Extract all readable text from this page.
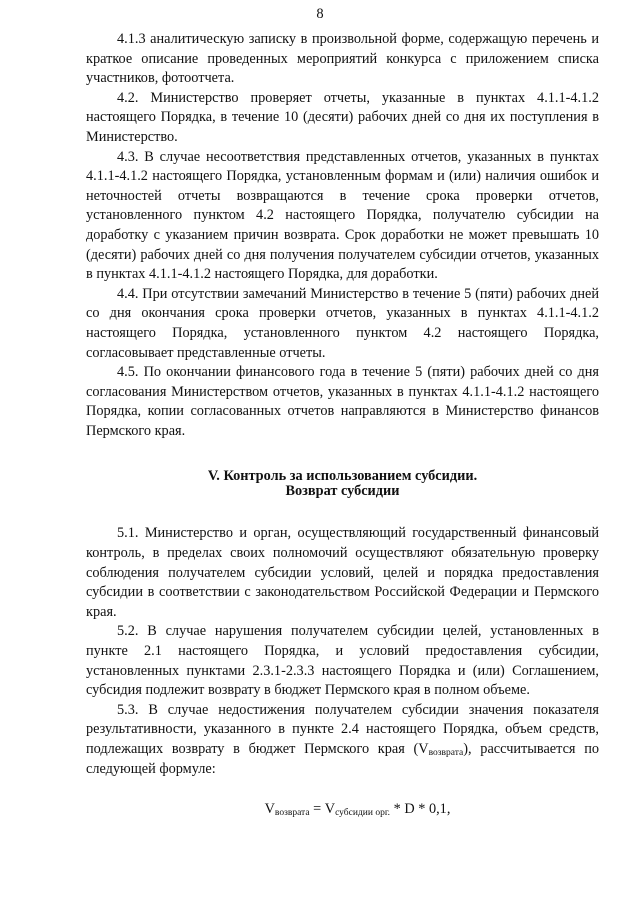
8

4.1.3 аналитическую записку в произвольной форме, содержащую перечень и краткое описание проведенных мероприятий конкурса с приложением списка участников, фотоотчета.

4.2. Министерство проверяет отчеты, указанные в пунктах 4.1.1-4.1.2 настоящего Порядка, в течение 10 (десяти) рабочих дней со дня их поступления в Министерство.

4.3. В случае несоответствия представленных отчетов, указанных в пунктах 4.1.1-4.1.2 настоящего Порядка, установленным формам и (или) наличия ошибок и неточностей отчеты возвращаются в течение срока проверки отчетов, установленного пунктом 4.2 настоящего Порядка, получателю субсидии на доработку с указанием причин возврата. Срок доработки не может превышать 10 (десяти) рабочих дней со дня получения получателем субсидии отчетов, указанных в пунктах 4.1.1-4.1.2 настоящего Порядка, для доработки.

4.4. При отсутствии замечаний Министерство в течение 5 (пяти) рабочих дней со дня окончания срока проверки отчетов, указанных в пунктах 4.1.1-4.1.2 настоящего Порядка, установленного пунктом 4.2 настоящего Порядка, согласовывает представленные отчеты.

4.5. По окончании финансового года в течение 5 (пяти) рабочих дней со дня согласования Министерством отчетов, указанных в пунктах 4.1.1-4.1.2 настоящего Порядка, копии согласованных отчетов направляются в Министерство финансов Пермского края.

V. Контроль за использованием субсидии.
Возврат субсидии

5.1. Министерство и орган, осуществляющий государственный финансовый контроль, в пределах своих полномочий осуществляют обязательную проверку соблюдения получателем субсидии условий, целей и порядка предоставления субсидии в соответствии с законодательством Российской Федерации и Пермского края.

5.2. В случае нарушения получателем субсидии целей, установленных в пункте 2.1 настоящего Порядка, и условий предоставления субсидии, установленных пунктами 2.3.1-2.3.3 настоящего Порядка и (или) Соглашением, субсидия подлежит возврату в бюджет Пермского края в полном объеме.

5.3. В случае недостижения получателем субсидии значения показателя результативности, указанного в пункте 2.4 настоящего Порядка, объем средств, подлежащих возврату в бюджет Пермского края $(V_{возврата})$, рассчитывается по следующей формуле:

$V_{возврата} = V_{субсидии орг.} * D * 0,1$,
